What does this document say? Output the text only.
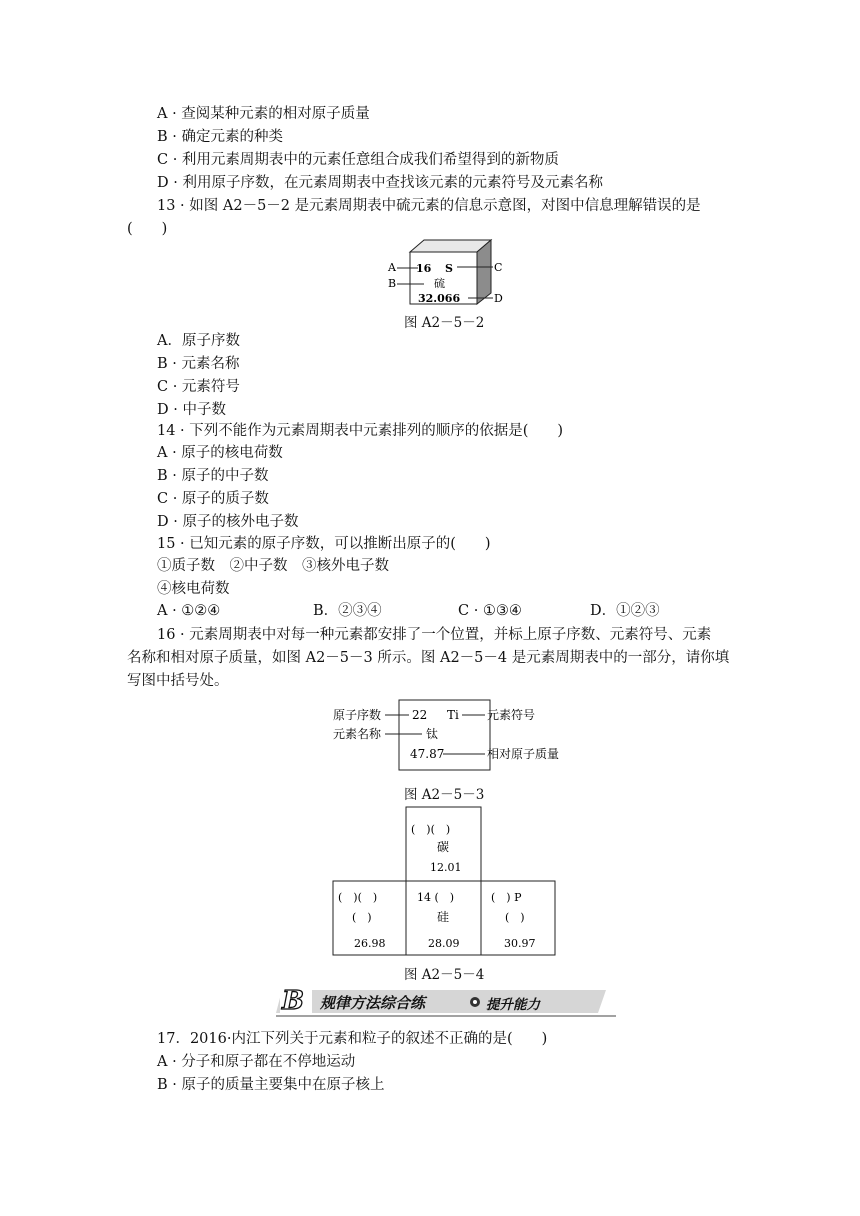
A · 查阅某种元素的相对原子质量
B · 确定元素的种类
C · 利用元素周期表中的元素任意组合成我们希望得到的新物质
D · 利用原子序数，在元素周期表中查找该元素的元素符号及元素名称
13 · 如图 A2－5－2 是元素周期表中硫元素的信息示意图，对图中信息理解错误的是
(　　)
A
B
C
D
16 S
硫
32.066
图 A2－5－2
A．原子序数
B · 元素名称
C · 元素符号
D · 中子数
14 · 下列不能作为元素周期表中元素排列的顺序的依据是(　　)
A · 原子的核电荷数
B · 原子的中子数
C · 原子的质子数
D · 原子的核外电子数
15 · 已知元素的原子序数，可以推断出原子的(　　)
①质子数　②中子数　③核外电子数
④核电荷数
A · ①②④	B．②③④	C · ①③④	D．①②③
16 · 元素周期表中对每一种元素都安排了一个位置，并标上原子序数、元素符号、元素
名称和相对原子质量，如图 A2－5－3 所示。图 A2－5－4 是元素周期表中的一部分，请你填
写图中括号处。
原子序数
元素名称
元素符号
相对原子质量
22 Ti
钛
47.87
图 A2－5－3
(　)(　)
碳
12.01
(　)(　)
(　)
26.98
14 (　)
硅
28.09
(　) P
(　)
30.97
图 A2－5－4
B 规律方法综合练	提升能力
17．2016·内江下列关于元素和粒子的叙述不正确的是(　　)
A · 分子和原子都在不停地运动
B · 原子的质量主要集中在原子核上
